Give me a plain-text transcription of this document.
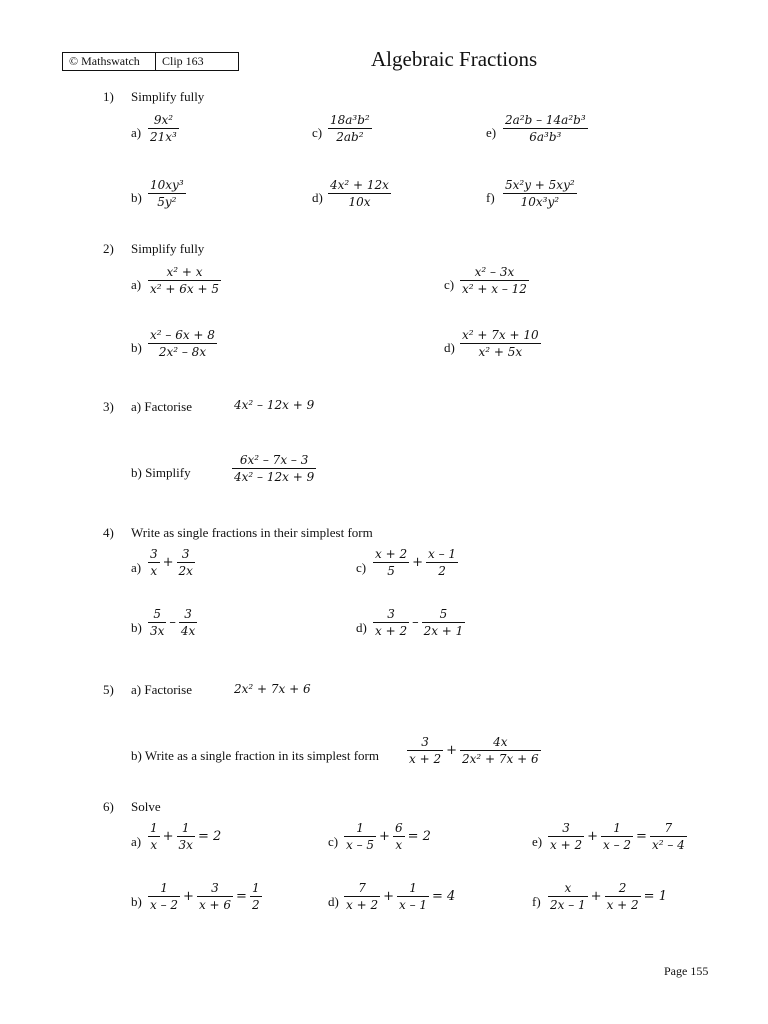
© Mathswatch	Clip 163	Algebraic Fractions
1) Simplify fully
$a) \frac{\text{9x²}}{\text{21x³}}$
$b) \frac{\text{10xy³}}{\text{5y²}}$
$c) \frac{\text{18a³b²}}{\text{2ab²}}$
$d) \frac{\text{4x² + 12x}}{10x}$
$e) \frac{\text{2a²b – 14a²b³}}{\text{6a³b³}}$
$f) \frac{\text{5x²y + 5xy²}}{\text{10x³y²}}$
2) Simplify fully
$a) \frac{\text{x² + x}}{\text{x² + 6x + 5}}$
$b) \frac{\text{x² – 6x + 8}}{\text{2x² – 8x}}$
$c) \frac{\text{x² – 3x}}{\text{x² + x – 12}}$
$d) \frac{\text{x² + 7x + 10}}{\text{x² + 5x}}$
3) a) Factorise	4x² – 12x + 9
b) Simplify	$\frac{\text{6x² – 7x – 3}}{\text{4x² – 12x + 9}}$
4) Write as single fractions in their simplest form
$a) \frac{3}{x} + \frac{3}{2x}$
$b) \frac{5}{3x} - \frac{3}{4x}$
$c) \frac{x + 2}{5} + \frac{x - 1}{2}$
$d) \frac{3}{x + 2} - \frac{5}{2x + 1}$
5) a) Factorise	2x² + 7x + 6
b) Write as a single fraction in its simplest form $\frac{3}{x + 2} + \frac{4x}{\text{2x² + 7x + 6}}$
6) Solve
$a) \frac{1}{x} + \frac{1}{3x} = 2$
$b) \frac{1}{x - 2} + \frac{3}{x + 6} = \frac{1}{2}$
$c) \frac{1}{x - 5} + \frac{6}{x} = 2$
$d) \frac{7}{x + 2} + \frac{1}{x - 1} = 4$
$e) \frac{3}{x + 2} + \frac{1}{x - 2} = \frac{7}{\text{x² – 4}}$
$f) \frac{x}{2x - 1} + \frac{2}{x + 2} = 1$
Page 155
